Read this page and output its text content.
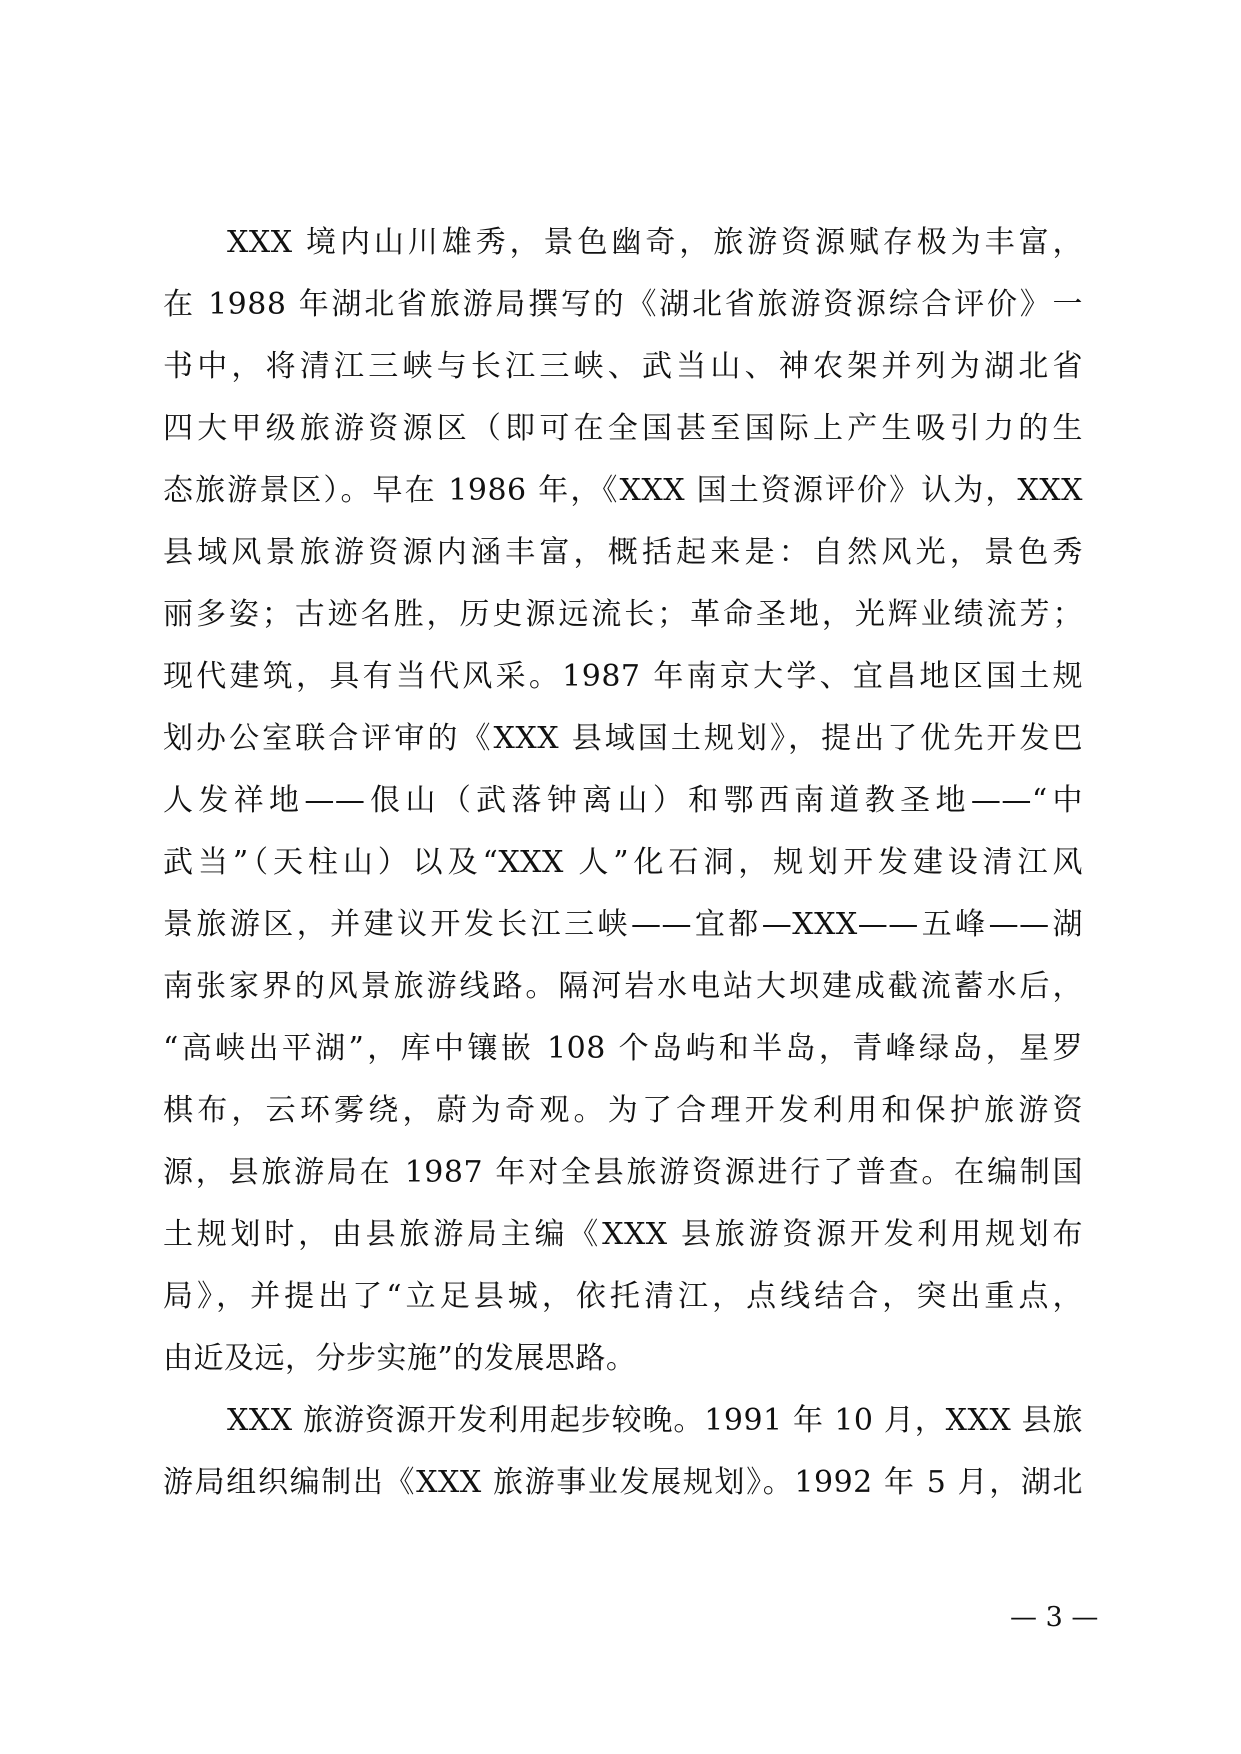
XXX 境内山川雄秀，景色幽奇，旅游资源赋存极为丰富，
在 1988 年湖北省旅游局撰写的《湖北省旅游资源综合评价》一
书中，将清江三峡与长江三峡、武当山、神农架并列为湖北省
四大甲级旅游资源区（即可在全国甚至国际上产生吸引力的生
态旅游景区）。早在 1986 年，《XXX 国土资源评价》认为，XXX
县域风景旅游资源内涵丰富，概括起来是：自然风光，景色秀
丽多姿；古迹名胜，历史源远流长；革命圣地，光辉业绩流芳；
现代建筑，具有当代风采。1987 年南京大学、宜昌地区国土规
划办公室联合评审的《XXX 县域国土规划》，提出了优先开发巴
人发祥地——佷山（武落钟离山）和鄂西南道教圣地——“中
武当”（天柱山）以及“XXX 人”化石洞，规划开发建设清江风
景旅游区，并建议开发长江三峡——宜都—XXX——五峰——湖
南张家界的风景旅游线路。隔河岩水电站大坝建成截流蓄水后，
“高峡出平湖”，库中镶嵌 108 个岛屿和半岛，青峰绿岛，星罗
棋布，云环雾绕，蔚为奇观。为了合理开发利用和保护旅游资
源，县旅游局在 1987 年对全县旅游资源进行了普查。在编制国
土规划时，由县旅游局主编《XXX 县旅游资源开发利用规划布
局》，并提出了“立足县城，依托清江，点线结合，突出重点，
由近及远，分步实施”的发展思路。
XXX 旅游资源开发利用起步较晚。1991 年 10 月，XXX 县旅
游局组织编制出《XXX 旅游事业发展规划》。1992 年 5 月，湖北
— 3 —
